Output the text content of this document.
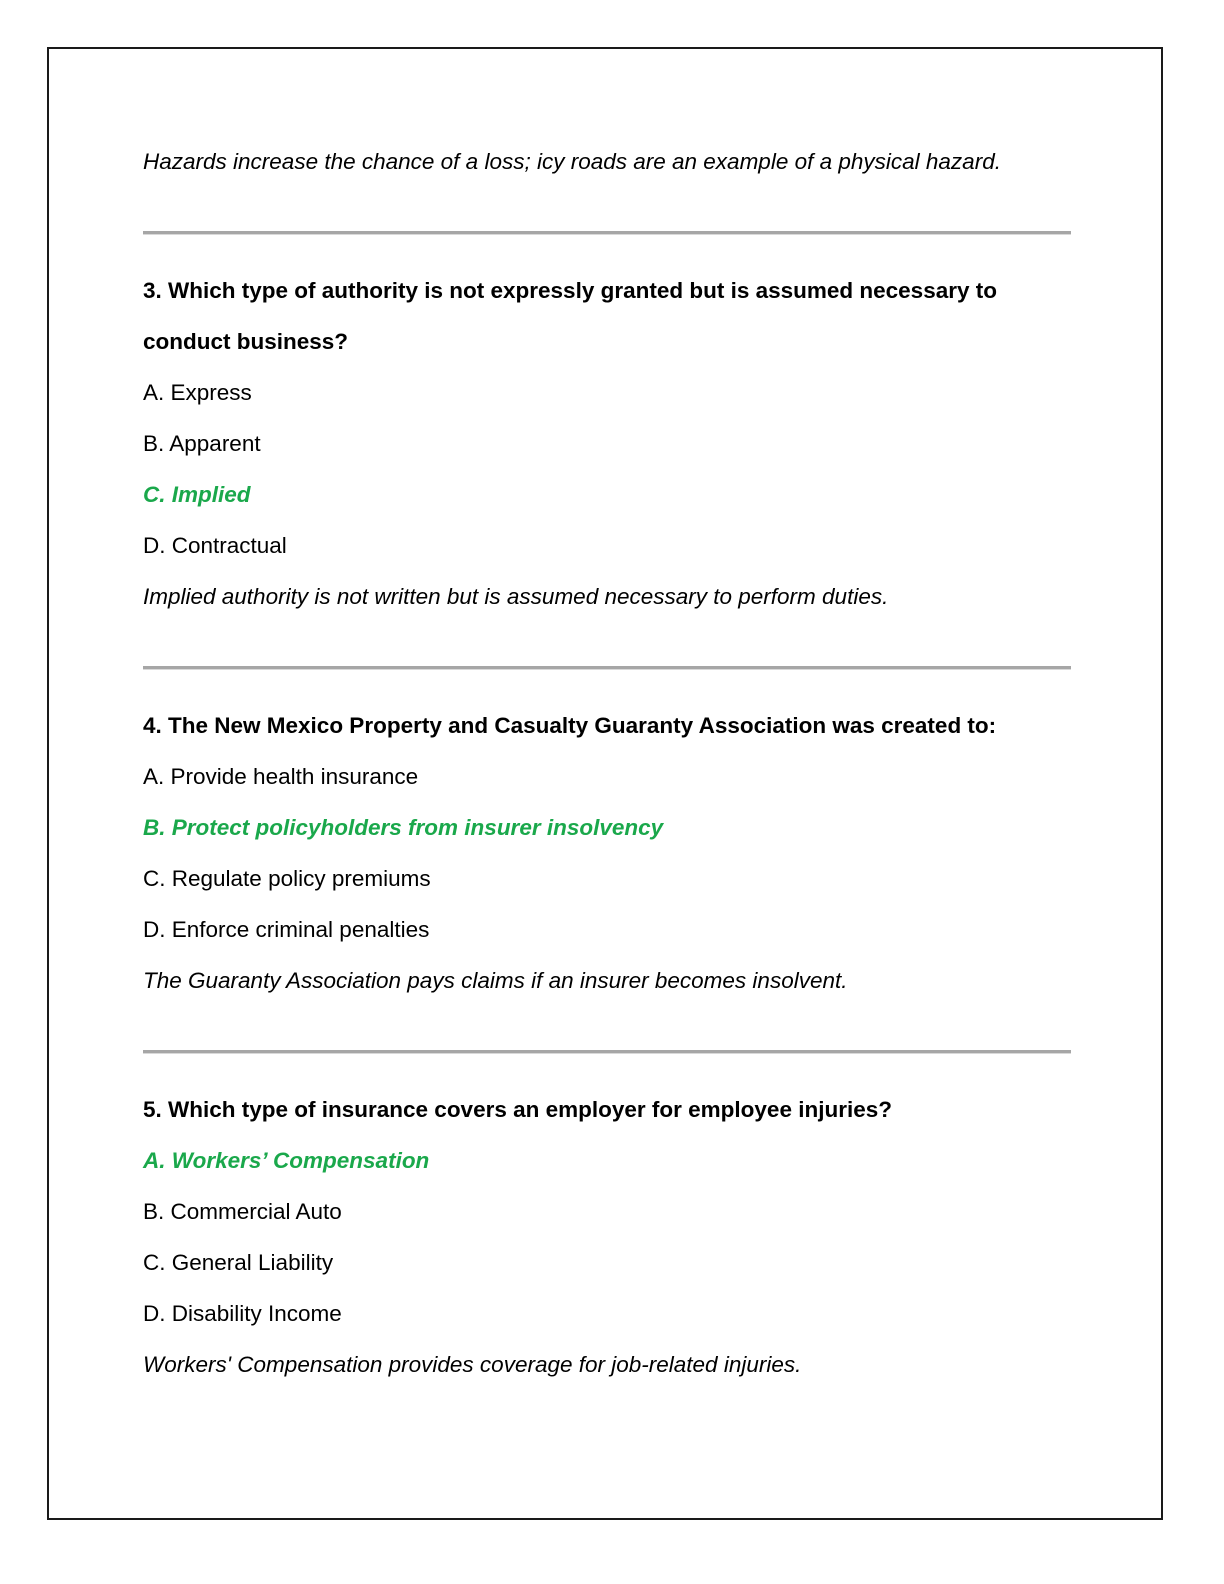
Hazards increase the chance of a loss; icy roads are an example of a physical hazard.
3. Which type of authority is not expressly granted but is assumed necessary to conduct business?
A. Express
B. Apparent
C. Implied
D. Contractual
Implied authority is not written but is assumed necessary to perform duties.
4. The New Mexico Property and Casualty Guaranty Association was created to:
A. Provide health insurance
B. Protect policyholders from insurer insolvency
C. Regulate policy premiums
D. Enforce criminal penalties
The Guaranty Association pays claims if an insurer becomes insolvent.
5. Which type of insurance covers an employer for employee injuries?
A. Workers’ Compensation
B. Commercial Auto
C. General Liability
D. Disability Income
Workers' Compensation provides coverage for job-related injuries.
